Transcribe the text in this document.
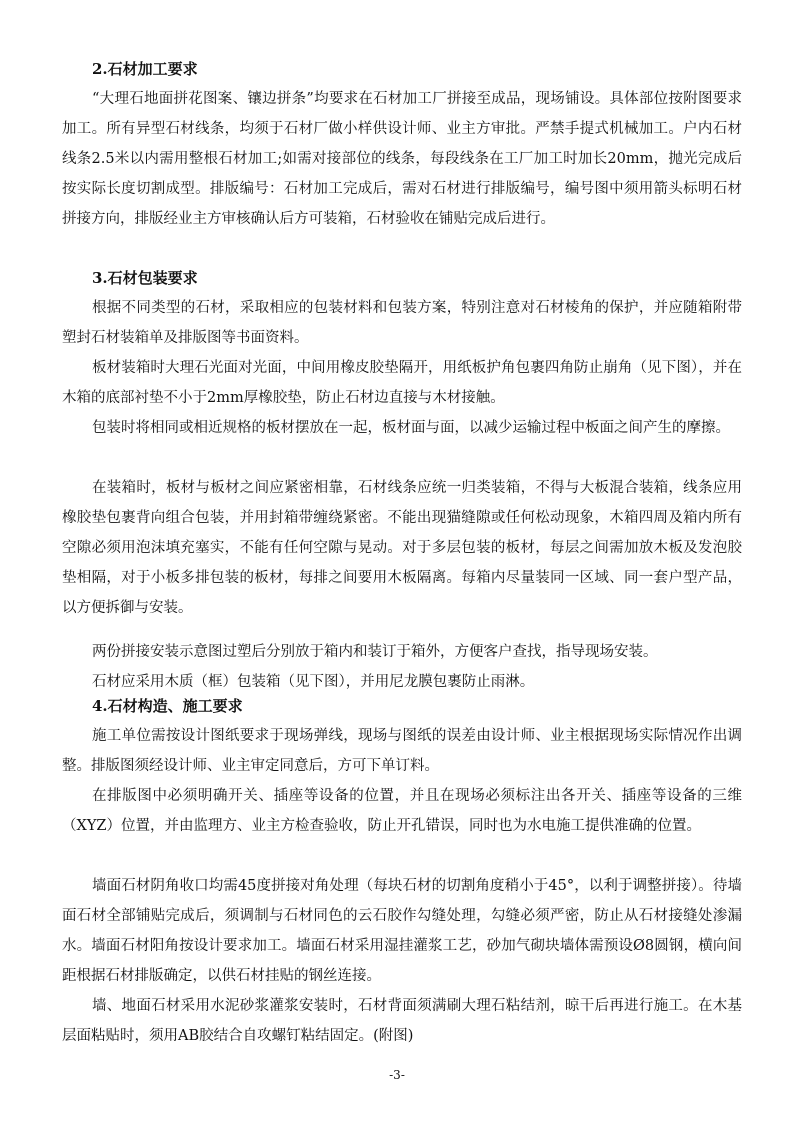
2.石材加工要求

“大理石地面拼花图案、镶边拼条”均要求在石材加工厂拼接至成品，现场铺设。具体部位按附图要求加工。所有异型石材线条，均须于石材厂做小样供设计师、业主方审批。严禁手提式机械加工。户内石材线条2.5米以内需用整根石材加工;如需对接部位的线条，每段线条在工厂加工时加长20mm，抛光完成后按实际长度切割成型。排版编号：石材加工完成后，需对石材进行排版编号，编号图中须用箭头标明石材拼接方向，排版经业主方审核确认后方可装箱，石材验收在铺贴完成后进行。

3.石材包装要求

根据不同类型的石材，采取相应的包装材料和包装方案，特别注意对石材棱角的保护，并应随箱附带塑封石材装箱单及排版图等书面资料。

板材装箱时大理石光面对光面，中间用橡皮胶垫隔开，用纸板护角包裹四角防止崩角（见下图），并在木箱的底部衬垫不小于2mm厚橡胶垫，防止石材边直接与木材接触。

包装时将相同或相近规格的板材摆放在一起，板材面与面，以减少运输过程中板面之间产生的摩擦。

在装箱时，板材与板材之间应紧密相靠，石材线条应统一归类装箱，不得与大板混合装箱，线条应用橡胶垫包裹背向组合包装，并用封箱带缠绕紧密。不能出现猫缝隙或任何松动现象，木箱四周及箱内所有空隙必须用泡沫填充塞实，不能有任何空隙与晃动。对于多层包装的板材，每层之间需加放木板及发泡胶垫相隔，对于小板多排包装的板材，每排之间要用木板隔离。每箱内尽量装同一区域、同一套户型产品，以方便拆御与安装。

两份拼接安装示意图过塑后分别放于箱内和装订于箱外，方便客户查找，指导现场安装。

石材应采用木质（框）包装箱（见下图），并用尼龙膜包裹防止雨淋。

4.石材构造、施工要求

施工单位需按设计图纸要求于现场弹线，现场与图纸的误差由设计师、业主根据现场实际情况作出调整。排版图须经设计师、业主审定同意后，方可下单订料。

在排版图中必须明确开关、插座等设备的位置，并且在现场必须标注出各开关、插座等设备的三维（XYZ）位置，并由监理方、业主方检查验收，防止开孔错误，同时也为水电施工提供准确的位置。

墙面石材阴角收口均需45度拼接对角处理（每块石材的切割角度稍小于45°，以利于调整拼接）。待墙面石材全部铺贴完成后，须调制与石材同色的云石胶作勾缝处理，勾缝必须严密，防止从石材接缝处渗漏水。墙面石材阳角按设计要求加工。墙面石材采用湿挂灌浆工艺，砂加气砌块墙体需预设Ø8圆钢，横向间距根据石材排版确定，以供石材挂贴的钢丝连接。

墙、地面石材采用水泥砂浆灌浆安装时，石材背面须满刷大理石粘结剂，晾干后再进行施工。在木基层面粘贴时，须用AB胶结合自攻螺钉粘结固定。(附图)

-3-
